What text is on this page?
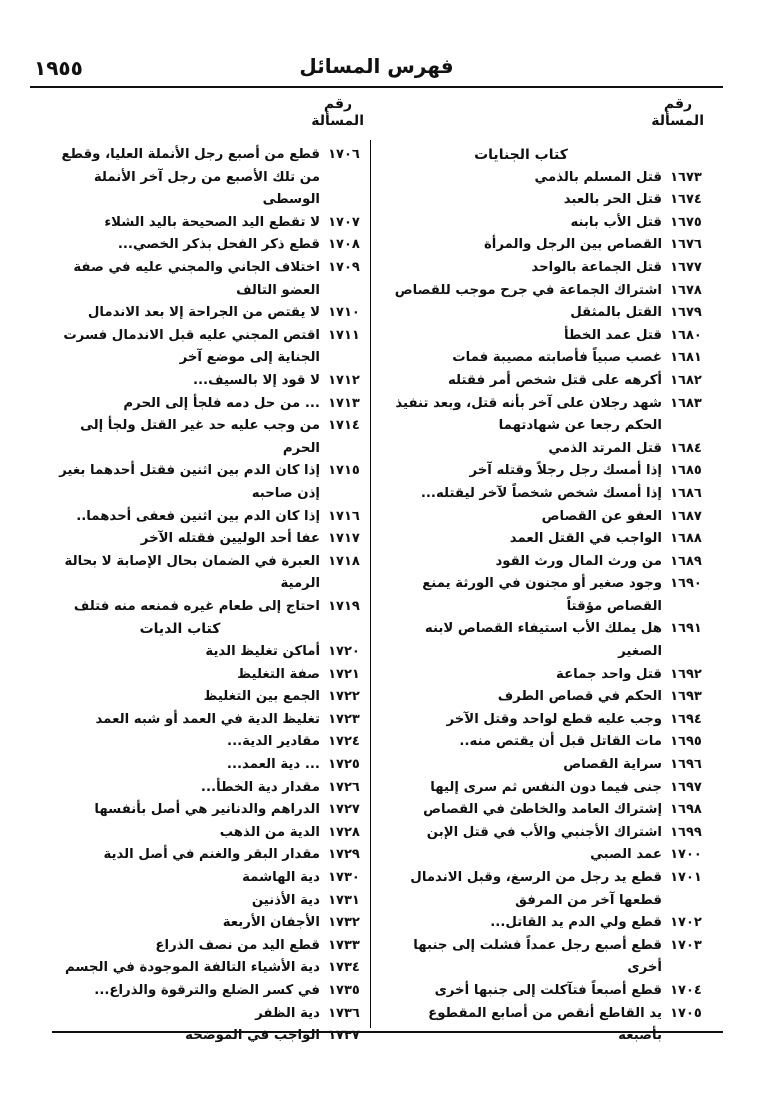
فهرس المسائل
١٩٥٥
رقم
المسألة
رقم
المسألة
كتاب الجنايات
١٦٧٣
قتل المسلم بالذمي
١٦٧٤
قتل الحر بالعبد
١٦٧٥
قتل الأب بابنه
١٦٧٦
القصاص بين الرجل والمرأة
١٦٧٧
قتل الجماعة بالواحد
١٦٧٨
اشتراك الجماعة في جرح موجب للقصاص
١٦٧٩
القتل بالمثقل
١٦٨٠
قتل عمد الخطأ
١٦٨١
غصب صبياً فأصابته مصيبة فمات
١٦٨٢
أكرهه على قتل شخص أمر فقتله
١٦٨٣
شهد رجلان على آخر بأنه قتل، وبعد تنفيذ الحكم رجعا عن شهادتهما
١٦٨٤
قتل المرتد الذمي
١٦٨٥
إذا أمسك رجل رجلاً وقتله آخر
١٦٨٦
إذا أمسك شخص شخصاً لآخر ليقتله...
١٦٨٧
العفو عن القصاص
١٦٨٨
الواجب في القتل العمد
١٦٨٩
من ورث المال ورث القود
١٦٩٠
وجود صغير أو مجنون في الورثة يمنع القصاص مؤقتاً
١٦٩١
هل يملك الأب استيفاء القصاص لابنه الصغير
١٦٩٢
قتل واحد جماعة
١٦٩٣
الحكم في قصاص الطرف
١٦٩٤
وجب عليه قطع لواحد وقتل الآخر
١٦٩٥
مات القاتل قبل أن يقتص منه..
١٦٩٦
سراية القصاص
١٦٩٧
جنى فيما دون النفس ثم سرى إليها
١٦٩٨
إشتراك العامد والخاطئ في القصاص
١٦٩٩
اشتراك الأجنبي والأب في قتل الإبن
١٧٠٠
عمد الصبي
١٧٠١
قطع يد رجل من الرسغ، وقبل الاندمال قطعها آخر من المرفق
١٧٠٢
قطع ولي الدم يد القاتل...
١٧٠٣
قطع أصبع رجل عمداً فشلت إلى جنبها أخرى
١٧٠٤
قطع أصبعاً فتآكلت إلى جنبها أخرى
١٧٠٥
يد القاطع أنقص من أصابع المقطوع بأصبعه
١٧٠٦
قطع من أصبع رجل الأنملة العليا، وقطع من تلك الأصبع من رجل آخر الأنملة الوسطى
١٧٠٧
لا تقطع اليد الصحيحة باليد الشلاء
١٧٠٨
قطع ذكر الفحل بذكر الخصي...
١٧٠٩
اختلاف الجاني والمجني عليه في صفة العضو التالف
١٧١٠
لا يقتص من الجراحة إلا بعد الاندمال
١٧١١
اقتص المجني عليه قبل الاندمال فسرت الجناية إلى موضع آخر
١٧١٢
لا قود إلا بالسيف...
١٧١٣
... من حل دمه فلجأ إلى الحرم
١٧١٤
من وجب عليه حد غير القتل ولجأ إلى الحرم
١٧١٥
إذا كان الدم بين اثنين فقتل أحدهما بغير إذن صاحبه
١٧١٦
إذا كان الدم بين اثنين فعفى أحدهما..
١٧١٧
عفا أحد الوليين فقتله الآخر
١٧١٨
العبرة في الضمان بحال الإصابة لا بحالة الرمية
١٧١٩
احتاج إلى طعام غيره فمنعه منه فتلف
كتاب الديات
١٧٢٠
أماكن تغليظ الدية
١٧٢١
صفة التغليظ
١٧٢٢
الجمع بين التغليظ
١٧٢٣
تغليظ الدية في العمد أو شبه العمد
١٧٢٤
مقادير الدية...
١٧٢٥
... دية العمد...
١٧٢٦
مقدار دية الخطأ...
١٧٢٧
الدراهم والدنانير هي أصل بأنفسها
١٧٢٨
الدية من الذهب
١٧٢٩
مقدار البقر والغنم في أصل الدية
١٧٣٠
دية الهاشمة
١٧٣١
دية الأذنين
١٧٣٢
الأجفان الأربعة
١٧٣٣
قطع اليد من نصف الذراع
١٧٣٤
دية الأشياء التالفة الموجودة في الجسم
١٧٣٥
في كسر الضلع والترقوة والذراع...
١٧٣٦
دية الظفر
١٧٣٧
الواجب في الموضحة
